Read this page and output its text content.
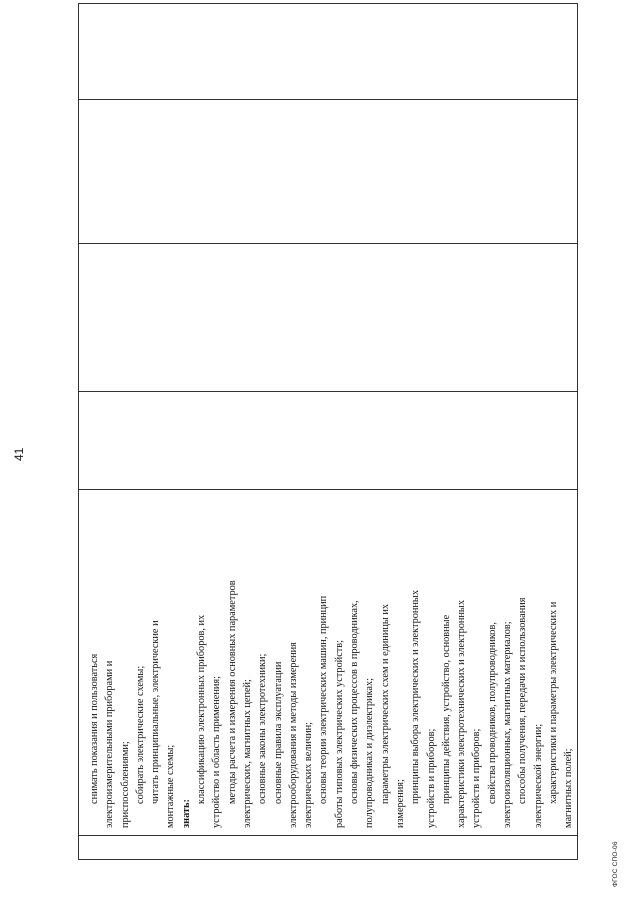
41

снимать показания и пользоваться электроизмерительными приборами и приспособлениями; собирать электрические схемы; читать принципиальные, электрические и монтажные схемы; знать:

классификацию электронных приборов, их устройство и область применения; методы расчета и измерения основных параметров электрических, магнитных цепей; основные законы электротехники; основные правила эксплуатации электрооборудования и методы измерения электрических величин; основы теории электрических машин, принцип работы типовых электрических устройств; основы физических процессов в проводниках, полупроводниках и диэлектриках; параметры электрических схем и единицы их измерения; принципы выбора электрических и электронных устройств и приборов; принципы действия, устройство, основные характеристики электротехнических и электронных устройств и приборов; свойства проводников, полупроводников, электроизоляционных, магнитных материалов; способы получения, передачи и использования электрической энергии; характеристики и параметры электрических и магнитных полей;

ФГОС СПО-06
